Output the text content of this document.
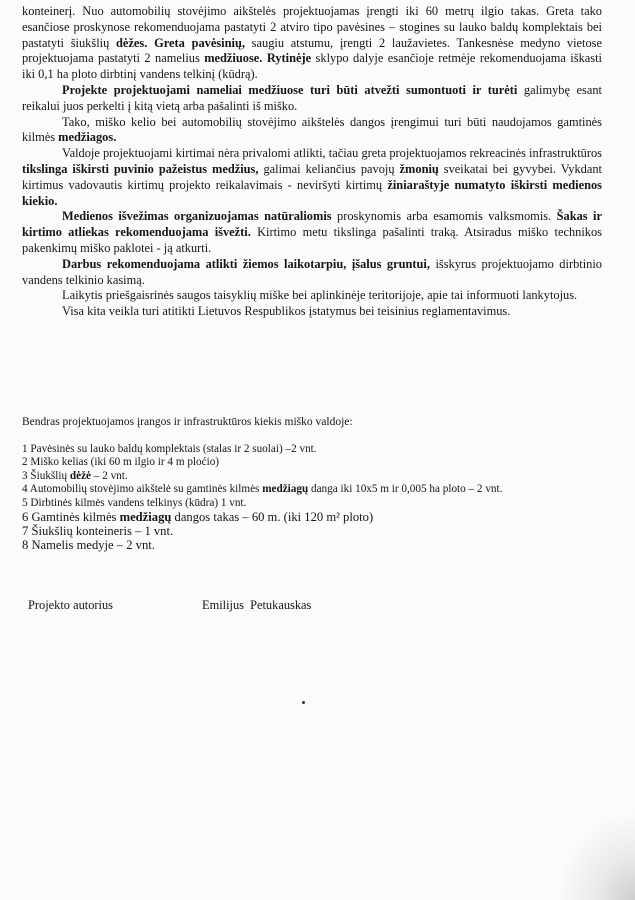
konteinerį. Nuo automobilių stovėjimo aikštelės projektuojamas įrengti iki 60 metrų ilgio takas. Greta tako esančiose proskynose rekomenduojama pastatyti 2 atviro tipo pavėsines – stogines su lauko baldų komplektais bei pastatyti šiukšlių dėžes. Greta pavėsinių, saugiu atstumu, įrengti 2 laužavietes. Tankesnėse medyno vietose projektuojama pastatyti 2 namelius medžiuose. Rytinėje sklypo dalyje esančioje retmėje rekomenduojama iškasti iki 0,1 ha ploto dirbtinį vandens telkinį (kūdrą).

Projekte projektuojami nameliai medžiuose turi būti atvežti sumontuoti ir turėti galimybę esant reikalui juos perkelti į kitą vietą arba pašalinti iš miško.

Tako, miško kelio bei automobilių stovėjimo aikštelės dangos įrengimui turi būti naudojamos gamtinės kilmės medžiagos.

Valdoje projektuojami kirtimai nėra privalomi atlikti, tačiau greta projektuojamos rekreacinės infrastruktūros tikslinga iškirsti puvinio pažeistus medžius, galimai keliančius pavojų žmonių sveikatai bei gyvybei. Vykdant kirtimus vadovautis kirtimų projekto reikalavimais - neviršyti kirtimų žiniaraštyje numatyto iškirsti medienos kiekio.

Medienos išvežimas organizuojamas natūraliomis proskynomis arba esamomis valksmomis. Šakas ir kirtimo atliekas rekomenduojama išvežti. Kirtimo metu tikslinga pašalinti traką. Atsiradus miško technikos pakenkimų miško paklotei - ją atkurti.

Darbus rekomenduojama atlikti žiemos laikotarpiu, įšalus gruntui, išskyrus projektuojamo dirbtinio vandens telkinio kasimą.

Laikytis priešgaisrinės saugos taisyklių miške bei aplinkinėje teritorijoje, apie tai informuoti lankytojus.

Visa kita veikla turi atitikti Lietuvos Respublikos įstatymus bei teisinius reglamentavimus.

Bendras projektuojamos įrangos ir infrastruktūros kiekis miško valdoje:
1 Pavėsinės su lauko baldų komplektais (stalas ir 2 suolai) –2 vnt.
2 Miško kelias (iki 60 m ilgio ir 4 m ploćio)
3 Šiukšlių dėžė – 2 vnt.
4 Automobilių stovėjimo aikštelė su gamtinės kilmės medžiagų danga iki 10x5 m ir 0,005 ha ploto – 2 vnt.
5 Dirbtinės kilmės vandens telkinys (kūdra) 1 vnt.
6 Gamtinės kilmės medžiagų dangos takas – 60 m. (iki 120 m² ploto)
7 Šiukšlių konteineris – 1 vnt.
8 Namelis medyje – 2 vnt.
Projekto autorius	Emilijus Petukauskas
